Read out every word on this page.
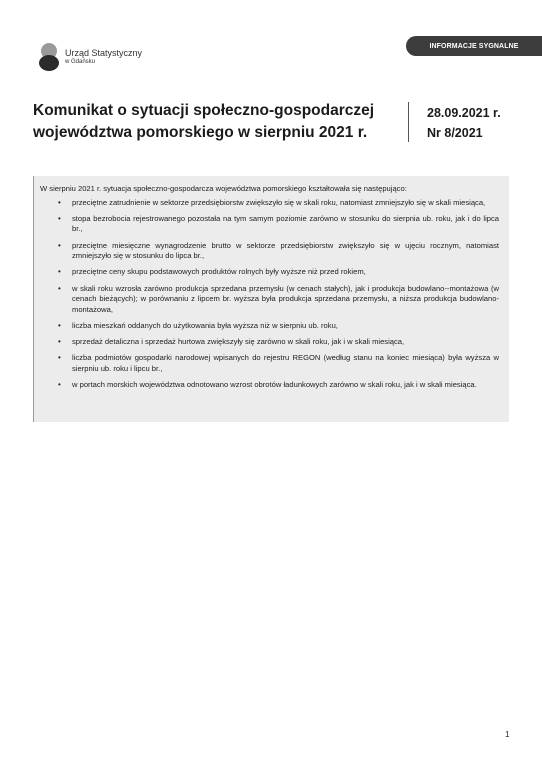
Urząd Statystyczny
w Gdańsku
INFORMACJE SYGNALNE
Komunikat o sytuacji społeczno-gospodarczej
województwa pomorskiego w sierpniu 2021 r.
28.09.2021 r.
Nr 8/2021

W sierpniu 2021 r. sytuacja społeczno-gospodarcza województwa pomorskiego kształtowała się następująco:

• przeciętne zatrudnienie w sektorze przedsiębiorstw zwiększyło się w skali roku, natomiast zmniejszyło się w skali miesiąca,
• stopa bezrobocia rejestrowanego pozostała na tym samym poziomie zarówno w stosunku do sierpnia ub. roku, jak i do lipca br.,
• przeciętne miesięczne wynagrodzenie brutto w sektorze przedsiębiorstw zwiększyło się w ujęciu rocznym, natomiast zmniejszyło się w stosunku do lipca br.,
• przeciętne ceny skupu podstawowych produktów rolnych były wyższe niż przed rokiem,
• w skali roku wzrosła zarówno produkcja sprzedana przemysłu (w cenach stałych), jak i produkcja budowlano--montażowa (w cenach bieżących); w porównaniu z lipcem br. wyższa była produkcja sprzedana przemysłu, a niższa produkcja budowlano-montażowa,
• liczba mieszkań oddanych do użytkowania była wyższa niż w sierpniu ub. roku,
• sprzedaż detaliczna i sprzedaż hurtowa zwiększyły się zarówno w skali roku, jak i w skali miesiąca,
• liczba podmiotów gospodarki narodowej wpisanych do rejestru REGON (według stanu na koniec miesiąca) była wyższa w sierpniu ub. roku i lipcu br.,
• w portach morskich województwa odnotowano wzrost obrotów ładunkowych zarówno w skali roku, jak i w skali miesiąca.
1
